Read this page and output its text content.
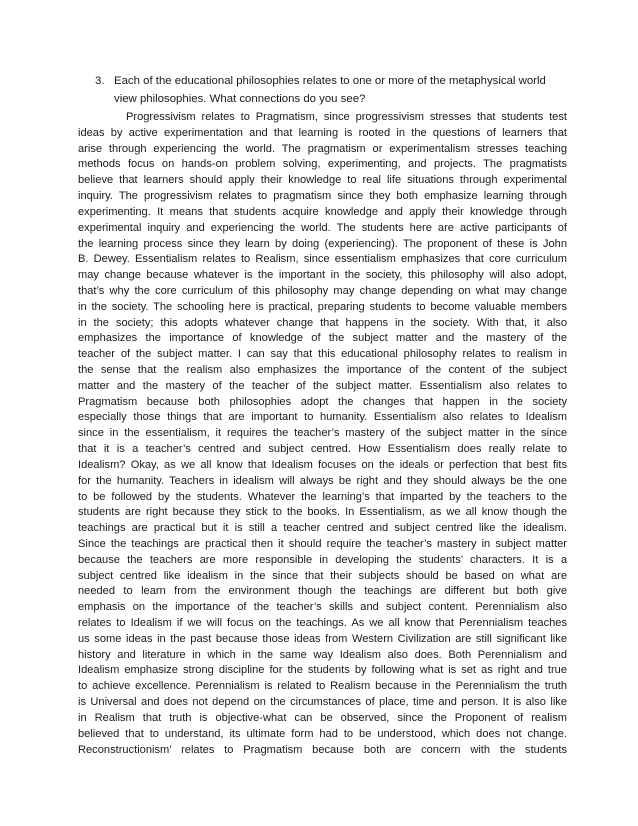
3. Each of the educational philosophies relates to one or more of the metaphysical world
view philosophies. What connections do you see?
Progressivism relates to Pragmatism, since progressivism stresses that students test
ideas by active experimentation and that learning is rooted in the questions of learners that
arise through experiencing the world. The pragmatism or experimentalism stresses teaching
methods focus on hands-on problem solving, experimenting, and projects. The pragmatists
believe that learners should apply their knowledge to real life situations through experimental
inquiry. The progressivism relates to pragmatism since they both emphasize learning through
experimenting. It means that students acquire knowledge and apply their knowledge through
experimental inquiry and experiencing the world. The students here are active participants of
the learning process since they learn by doing (experiencing). The proponent of these is John
B. Dewey. Essentialism relates to Realism, since essentialism emphasizes that core curriculum
may change because whatever is the important in the society, this philosophy will also adopt,
that’s why the core curriculum of this philosophy may change depending on what may change
in the society. The schooling here is practical, preparing students to become valuable members
in the society; this adopts whatever change that happens in the society. With that, it also
emphasizes the importance of knowledge of the subject matter and the mastery of the
teacher of the subject matter. I can say that this educational philosophy relates to realism in
the sense that the realism also emphasizes the importance of the content of the subject
matter and the mastery of the teacher of the subject matter. Essentialism also relates to
Pragmatism because both philosophies adopt the changes that happen in the society
especially those things that are important to humanity. Essentialism also relates to Idealism
since in the essentialism, it requires the teacher’s mastery of the subject matter in the since
that it is a teacher’s centred and subject centred. How Essentialism does really relate to
Idealism? Okay, as we all know that Idealism focuses on the ideals or perfection that best fits
for the humanity. Teachers in idealism will always be right and they should always be the one
to be followed by the students. Whatever the learning’s that imparted by the teachers to the
students are right because they stick to the books. In Essentialism, as we all know though the
teachings are practical but it is still a teacher centred and subject centred like the idealism.
Since the teachings are practical then it should require the teacher’s mastery in subject matter
because the teachers are more responsible in developing the students’ characters. It is a
subject centred like idealism in the since that their subjects should be based on what are
needed to learn from the environment though the teachings are different but both give
emphasis on the importance of the teacher’s skills and subject content. Perennialism also
relates to Idealism if we will focus on the teachings. As we all know that Perennialism teaches
us some ideas in the past because those ideas from Western Civilization are still significant like
history and literature in which in the same way Idealism also does. Both Perennialism and
Idealism emphasize strong discipline for the students by following what is set as right and true
to achieve excellence. Perennialism is related to Realism because in the Perennialism the truth
is Universal and does not depend on the circumstances of place, time and person. It is also like
in Realism that truth is objective-what can be observed, since the Proponent of realism
believed that to understand, its ultimate form had to be understood, which does not change.
Reconstructionism’ relates to Pragmatism because both are concern with the students
